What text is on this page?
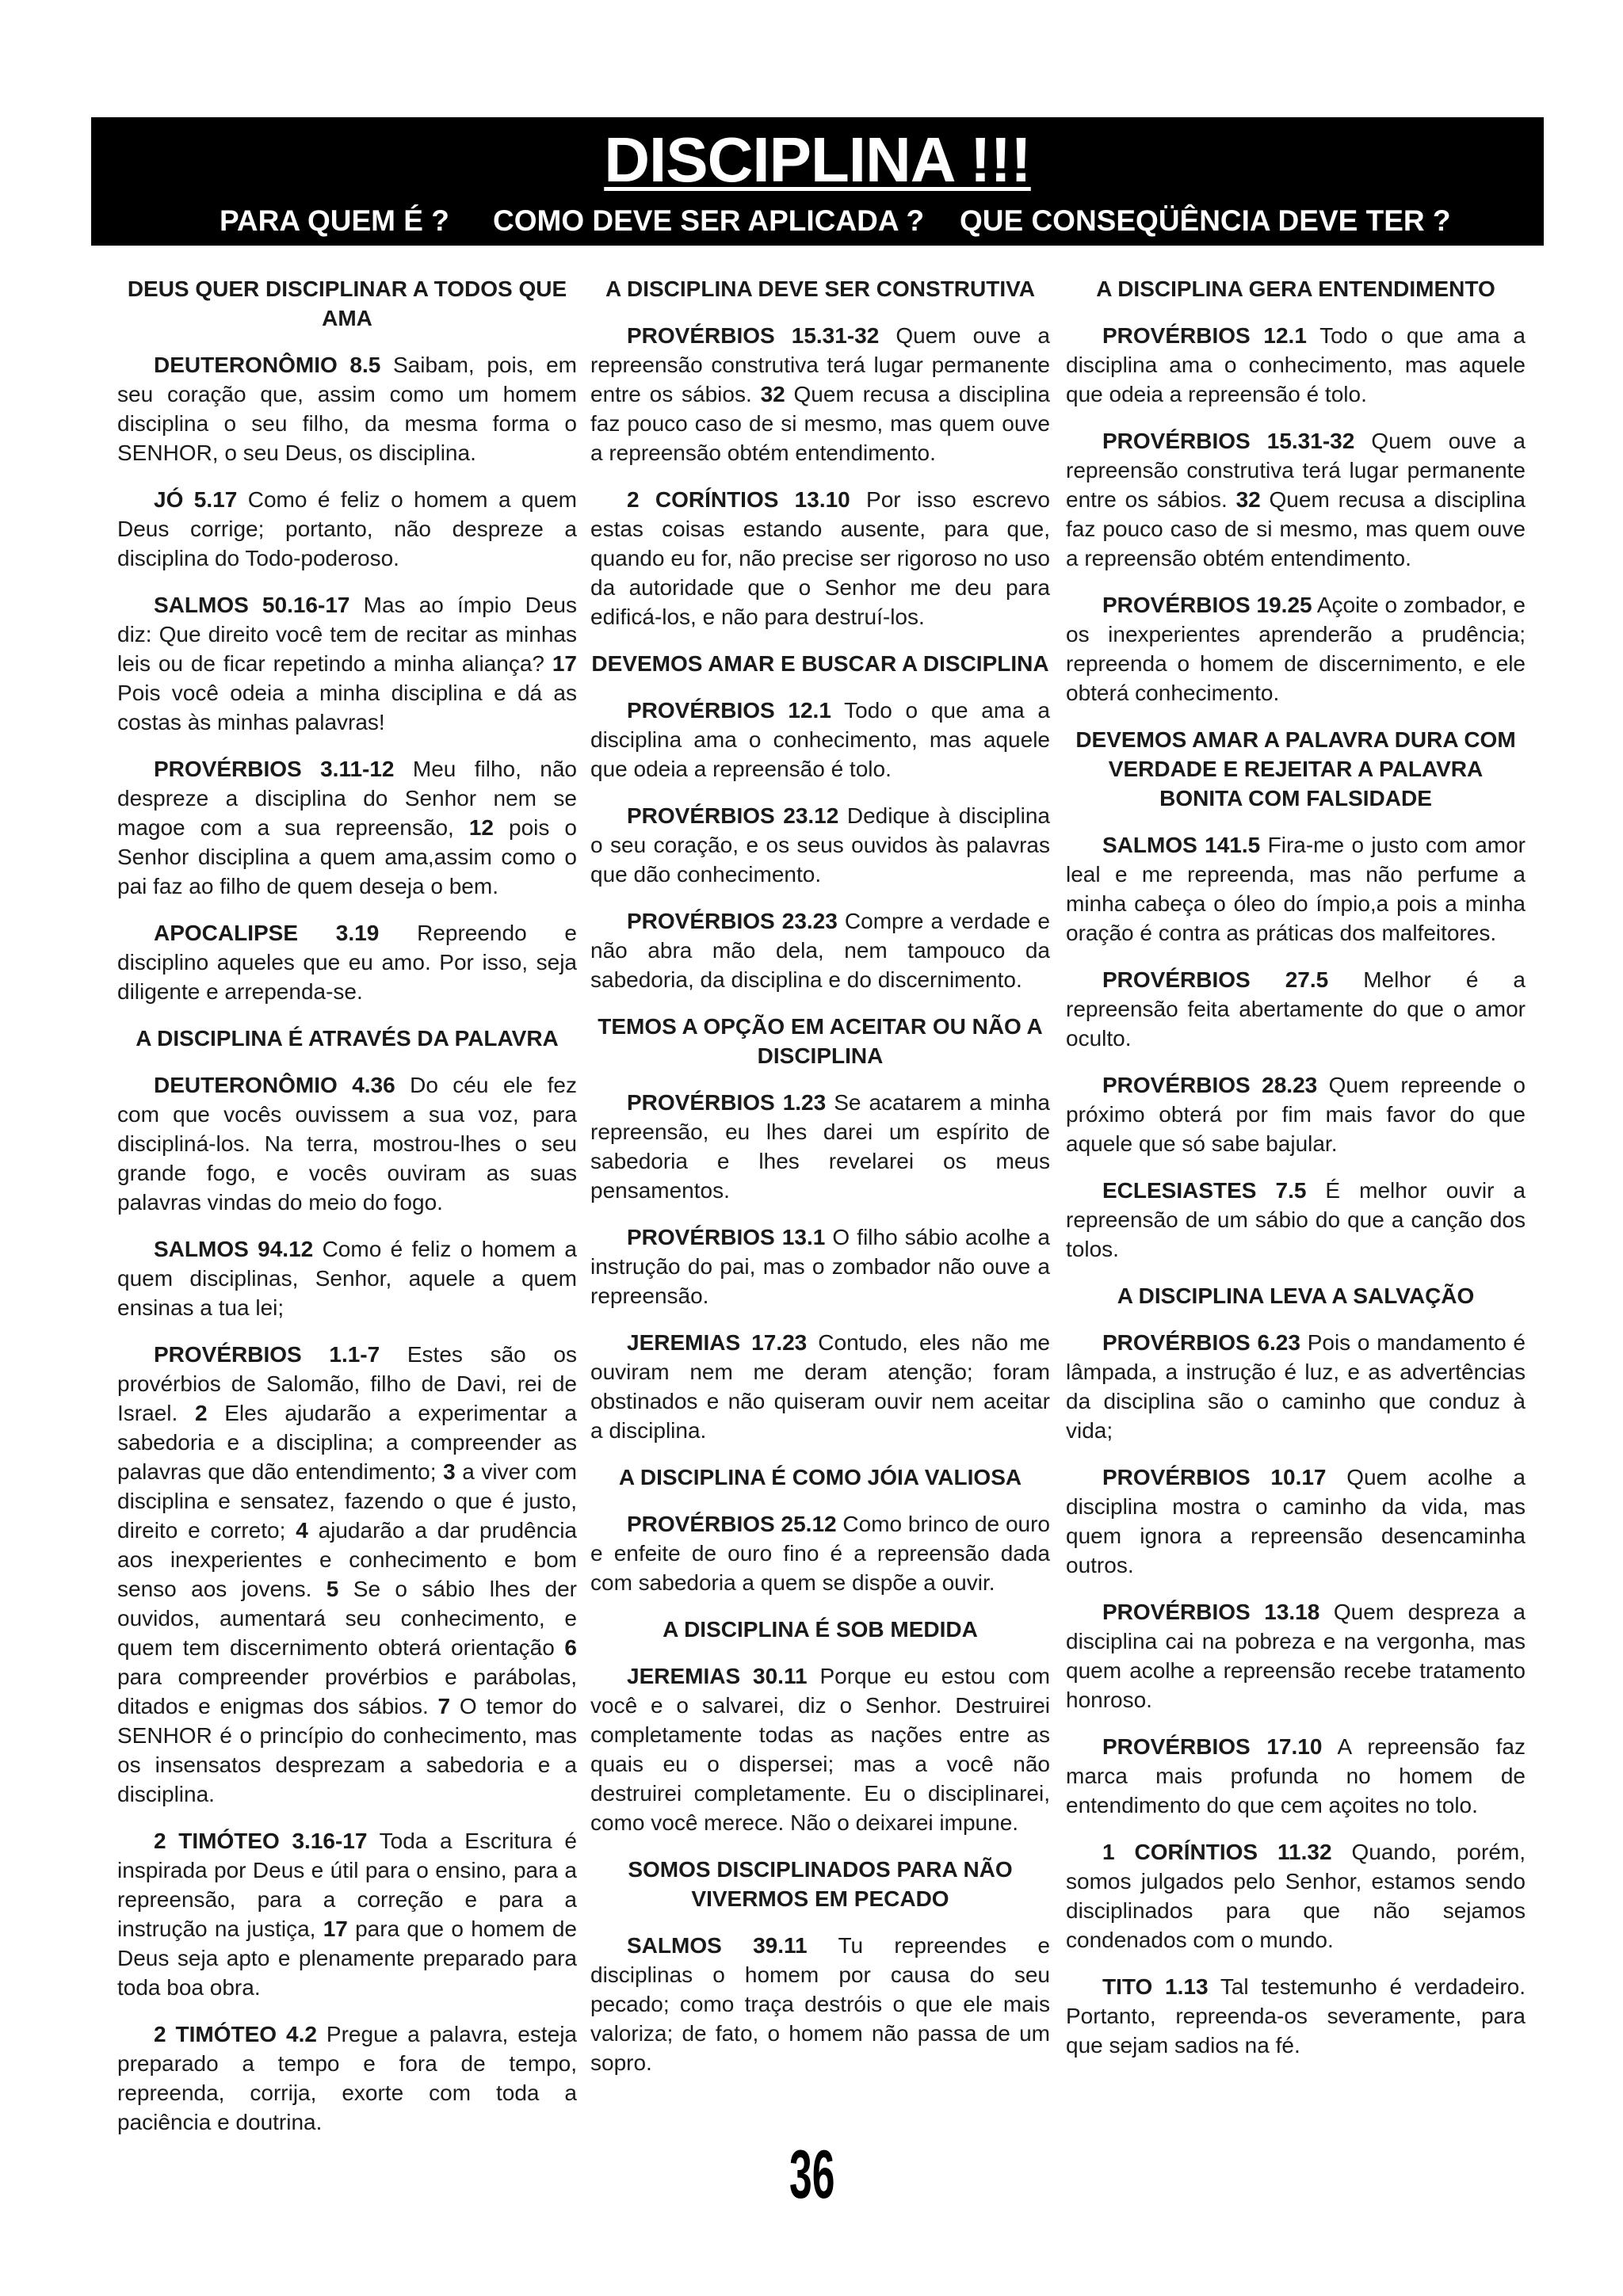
DISCIPLINA !!!
PARA QUEM É ? COMO DEVE SER APLICADA ? QUE CONSEQÜÊNCIA DEVE TER ?
DEUS QUER DISCIPLINAR A TODOS QUE AMA

DEUTERONÔMIO 8.5 Saibam, pois, em seu coração que, assim como um homem disciplina o seu filho, da mesma forma o SENHOR, o seu Deus, os disciplina.

JÓ 5.17 Como é feliz o homem a quem Deus corrige; portanto, não despreze a disciplina do Todo-poderoso.

SALMOS 50.16-17 Mas ao ímpio Deus diz: Que direito você tem de recitar as minhas leis ou de ficar repetindo a minha aliança? 17 Pois você odeia a minha disciplina e dá as costas às minhas palavras!

PROVÉRBIOS 3.11-12 Meu filho, não despreze a disciplina do Senhor nem se magoe com a sua repreensão, 12 pois o Senhor disciplina a quem ama,assim como o pai faz ao filho de quem deseja o bem.

APOCALIPSE 3.19 Repreendo e disciplino aqueles que eu amo. Por isso, seja diligente e arrependa-se.

A DISCIPLINA É ATRAVÉS DA PALAVRA

DEUTERONÔMIO 4.36 Do céu ele fez com que vocês ouvissem a sua voz, para discipliná-los. Na terra, mostrou-lhes o seu grande fogo, e vocês ouviram as suas palavras vindas do meio do fogo.

SALMOS 94.12 Como é feliz o homem a quem disciplinas, Senhor, aquele a quem ensinas a tua lei;

PROVÉRBIOS 1.1-7 Estes são os provérbios de Salomão, filho de Davi, rei de Israel. 2 Eles ajudarão a experimentar a sabedoria e a disciplina; a compreender as palavras que dão entendimento; 3 a viver com disciplina e sensatez, fazendo o que é justo, direito e correto; 4 ajudarão a dar prudência aos inexperientes e conhecimento e bom senso aos jovens. 5 Se o sábio lhes der ouvidos, aumentará seu conhecimento, e quem tem discernimento obterá orientação 6 para compreender provérbios e parábolas, ditados e enigmas dos sábios. 7 O temor do SENHOR é o princípio do conhecimento, mas os insensatos desprezam a sabedoria e a disciplina.

2 TIMÓTEO 3.16-17 Toda a Escritura é inspirada por Deus e útil para o ensino, para a repreensão, para a correção e para a instrução na justiça, 17 para que o homem de Deus seja apto e plenamente preparado para toda boa obra.

2 TIMÓTEO 4.2 Pregue a palavra, esteja preparado a tempo e fora de tempo, repreenda, corrija, exorte com toda a paciência e doutrina.

A DISCIPLINA DEVE SER CONSTRUTIVA

PROVÉRBIOS 15.31-32 Quem ouve a repreensão construtiva terá lugar permanente entre os sábios. 32 Quem recusa a disciplina faz pouco caso de si mesmo, mas quem ouve a repreensão obtém entendimento.

2 CORÍNTIOS 13.10 Por isso escrevo estas coisas estando ausente, para que, quando eu for, não precise ser rigoroso no uso da autoridade que o Senhor me deu para edificá-los, e não para destruí-los.

DEVEMOS AMAR E BUSCAR A DISCIPLINA

PROVÉRBIOS 12.1 Todo o que ama a disciplina ama o conhecimento, mas aquele que odeia a repreensão é tolo.

PROVÉRBIOS 23.12 Dedique à disciplina o seu coração, e os seus ouvidos às palavras que dão conhecimento.

PROVÉRBIOS 23.23 Compre a verdade e não abra mão dela, nem tampouco da sabedoria, da disciplina e do discernimento.

TEMOS A OPÇÃO EM ACEITAR OU NÃO A DISCIPLINA

PROVÉRBIOS 1.23 Se acatarem a minha repreensão, eu lhes darei um espírito de sabedoria e lhes revelarei os meus pensamentos.

PROVÉRBIOS 13.1 O filho sábio acolhe a instrução do pai, mas o zombador não ouve a repreensão.

JEREMIAS 17.23 Contudo, eles não me ouviram nem me deram atenção; foram obstinados e não quiseram ouvir nem aceitar a disciplina.

A DISCIPLINA É COMO JÓIA VALIOSA

PROVÉRBIOS 25.12 Como brinco de ouro e enfeite de ouro fino é a repreensão dada com sabedoria a quem se dispõe a ouvir.

A DISCIPLINA É SOB MEDIDA

JEREMIAS 30.11 Porque eu estou com você e o salvarei, diz o Senhor. Destruirei completamente todas as nações entre as quais eu o dispersei; mas a você não destruirei completamente. Eu o disciplinarei, como você merece. Não o deixarei impune.

SOMOS DISCIPLINADOS PARA NÃO VIVERMOS EM PECADO

SALMOS 39.11 Tu repreendes e disciplinas o homem por causa do seu pecado; como traça destróis o que ele mais valoriza; de fato, o homem não passa de um sopro.

A DISCIPLINA GERA ENTENDIMENTO

PROVÉRBIOS 12.1 Todo o que ama a disciplina ama o conhecimento, mas aquele que odeia a repreensão é tolo.

PROVÉRBIOS 15.31-32 Quem ouve a repreensão construtiva terá lugar permanente entre os sábios. 32 Quem recusa a disciplina faz pouco caso de si mesmo, mas quem ouve a repreensão obtém entendimento.

PROVÉRBIOS 19.25 Açoite o zombador, e os inexperientes aprenderão a prudência; repreenda o homem de discernimento, e ele obterá conhecimento.

DEVEMOS AMAR A PALAVRA DURA COM VERDADE E REJEITAR A PALAVRA BONITA COM FALSIDADE

SALMOS 141.5 Fira-me o justo com amor leal e me repreenda, mas não perfume a minha cabeça o óleo do ímpio,a pois a minha oração é contra as práticas dos malfeitores.

PROVÉRBIOS 27.5 Melhor é a repreensão feita abertamente do que o amor oculto.

PROVÉRBIOS 28.23 Quem repreende o próximo obterá por fim mais favor do que aquele que só sabe bajular.

ECLESIASTES 7.5 É melhor ouvir a repreensão de um sábio do que a canção dos tolos.

A DISCIPLINA LEVA A SALVAÇÃO

PROVÉRBIOS 6.23 Pois o mandamento é lâmpada, a instrução é luz, e as advertências da disciplina são o caminho que conduz à vida;

PROVÉRBIOS 10.17 Quem acolhe a disciplina mostra o caminho da vida, mas quem ignora a repreensão desencaminha outros.

PROVÉRBIOS 13.18 Quem despreza a disciplina cai na pobreza e na vergonha, mas quem acolhe a repreensão recebe tratamento honroso.

PROVÉRBIOS 17.10 A repreensão faz marca mais profunda no homem de entendimento do que cem açoites no tolo.

1 CORÍNTIOS 11.32 Quando, porém, somos julgados pelo Senhor, estamos sendo disciplinados para que não sejamos condenados com o mundo.

TITO 1.13 Tal testemunho é verdadeiro. Portanto, repreenda-os severamente, para que sejam sadios na fé.

36
